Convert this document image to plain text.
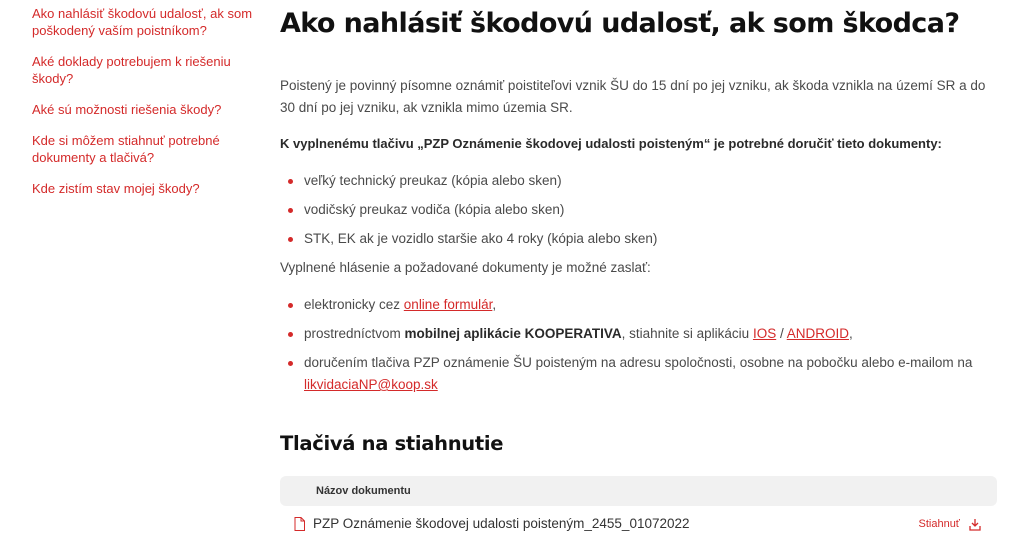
Ako nahlásiť škodovú udalosť, ak som poškodený vaším poistníkom?
Aké doklady potrebujem k riešeniu škody?
Aké sú možnosti riešenia škody?
Kde si môžem stiahnuť potrebné dokumenty a tlačivá?
Kde zistím stav mojej škody?
Ako nahlásiť škodovú udalosť, ak som škodca?

Poistený je povinný písomne oznámiť poistiteľovi vznik ŠU do 15 dní po jej vzniku, ak škoda vznikla na území SR a do 30 dní po jej vzniku, ak vznikla mimo územia SR.

K vyplnenému tlačivu „PZP Oznámenie škodovej udalosti poisteným“ je potrebné doručiť tieto dokumenty:

veľký technický preukaz (kópia alebo sken)
vodičský preukaz vodiča (kópia alebo sken)
STK, EK ak je vozidlo staršie ako 4 roky (kópia alebo sken)

Vyplnené hlásenie a požadované dokumenty je možné zaslať:

elektronicky cez online formulár,
prostredníctvom mobilnej aplikácie KOOPERATIVA, stiahnite si aplikáciu IOS / ANDROID,
doručením tlačiva PZP oznámenie ŠU poisteným na adresu spoločnosti, osobne na pobočku alebo e-mailom na likvidaciaNP@koop.sk
Tlačivá na stiahnutie
Názov dokumentu
PZP Oznámenie škodovej udalosti poisteným_2455_01072022	Stiahnuť
